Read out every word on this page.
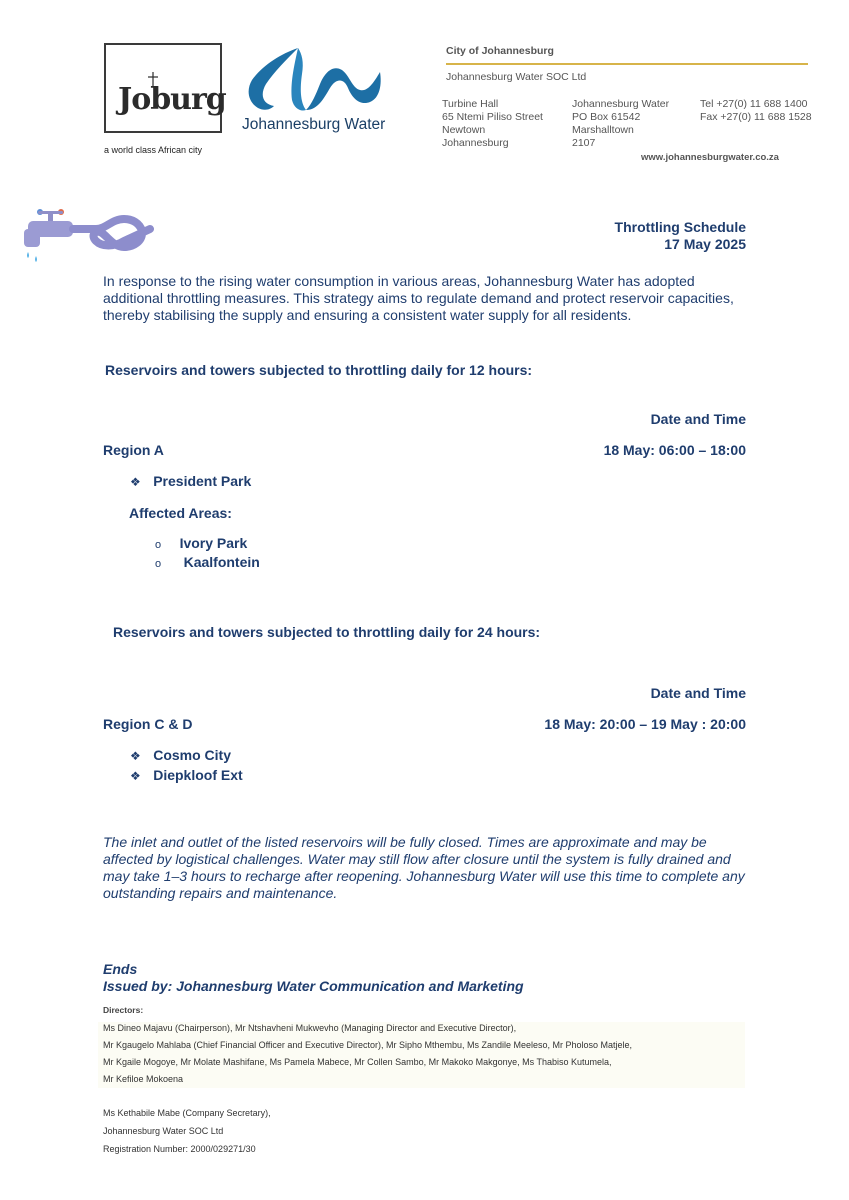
Joburg
a world class African city
Johannesburg Water
City of Johannesburg
Johannesburg Water SOC Ltd
Turbine Hall
65 Ntemi Piliso Street
Newtown
Johannesburg
Johannesburg Water
PO Box 61542
Marshalltown
2107
Tel +27(0) 11 688 1400
Fax +27(0) 11 688 1528
www.johannesburgwater.co.za
Throttling Schedule
17 May 2025
In response to the rising water consumption in various areas, Johannesburg Water has adopted additional throttling measures. This strategy aims to regulate demand and protect reservoir capacities, thereby stabilising the supply and ensuring a consistent water supply for all residents.
Reservoirs and towers subjected to throttling daily for 12 hours:
Date and Time
Region A	18 May: 06:00 – 18:00
❖ President Park
Affected Areas:
o Ivory Park
o Kaalfontein
Reservoirs and towers subjected to throttling daily for 24 hours:
Date and Time
Region C & D	18 May: 20:00 – 19 May : 20:00
❖ Cosmo City
❖ Diepkloof Ext
The inlet and outlet of the listed reservoirs will be fully closed. Times are approximate and may be affected by logistical challenges. Water may still flow after closure until the system is fully drained and may take 1–3 hours to recharge after reopening. Johannesburg Water will use this time to complete any outstanding repairs and maintenance.
Ends
Issued by: Johannesburg Water Communication and Marketing
Directors:
Ms Dineo Majavu (Chairperson), Mr Ntshavheni Mukwevho (Managing Director and Executive Director),
Mr Kgaugelo Mahlaba (Chief Financial Officer and Executive Director), Mr Sipho Mthembu, Ms Zandile Meeleso, Mr Pholoso Matjele,
Mr Kgaile Mogoye, Mr Molate Mashifane, Ms Pamela Mabece, Mr Collen Sambo, Mr Makoko Makgonye, Ms Thabiso Kutumela,
Mr Kefiloe Mokoena
Ms Kethabile Mabe (Company Secretary),
Johannesburg Water SOC Ltd
Registration Number: 2000/029271/30
